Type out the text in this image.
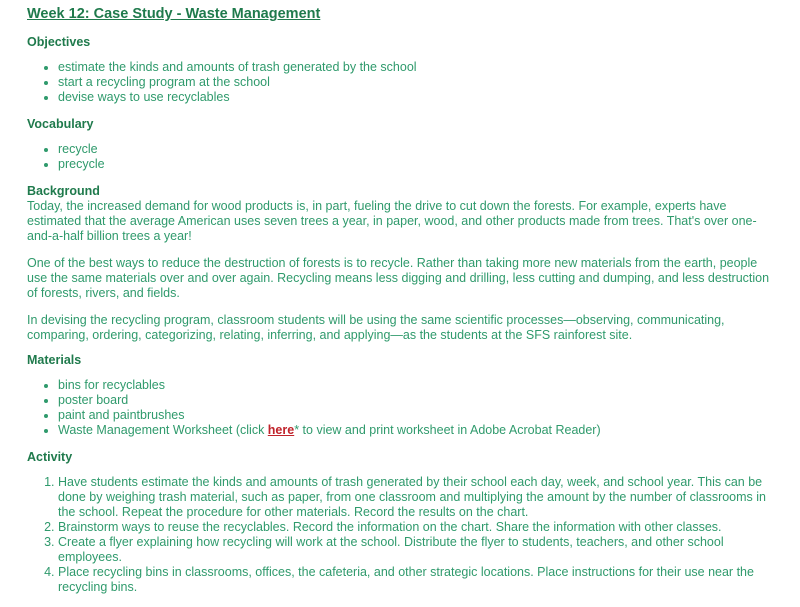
Week 12: Case Study - Waste Management
Objectives
• estimate the kinds and amounts of trash generated by the school
• start a recycling program at the school
• devise ways to use recyclables
Vocabulary
• recycle
• precycle
Background

Today, the increased demand for wood products is, in part, fueling the drive to cut down the forests. For example, experts have estimated that the average American uses seven trees a year, in paper, wood, and other products made from trees. That's over one-and-a-half billion trees a year!

One of the best ways to reduce the destruction of forests is to recycle. Rather than taking more new materials from the earth, people use the same materials over and over again. Recycling means less digging and drilling, less cutting and dumping, and less destruction of forests, rivers, and fields.

In devising the recycling program, classroom students will be using the same scientific processes—observing, communicating, comparing, ordering, categorizing, relating, inferring, and applying—as the students at the SFS rainforest site.

Materials
• bins for recyclables
• poster board
• paint and paintbrushes
• Waste Management Worksheet (click here* to view and print worksheet in Adobe Acrobat Reader)
Activity
1. Have students estimate the kinds and amounts of trash generated by their school each day, week, and school year. This can be done by weighing trash material, such as paper, from one classroom and multiplying the amount by the number of classrooms in the school. Repeat the procedure for other materials. Record the results on the chart.
2. Brainstorm ways to reuse the recyclables. Record the information on the chart. Share the information with other classes.
3. Create a flyer explaining how recycling will work at the school. Distribute the flyer to students, teachers, and other school employees.
4. Place recycling bins in classrooms, offices, the cafeteria, and other strategic locations. Place instructions for their use near the recycling bins.
